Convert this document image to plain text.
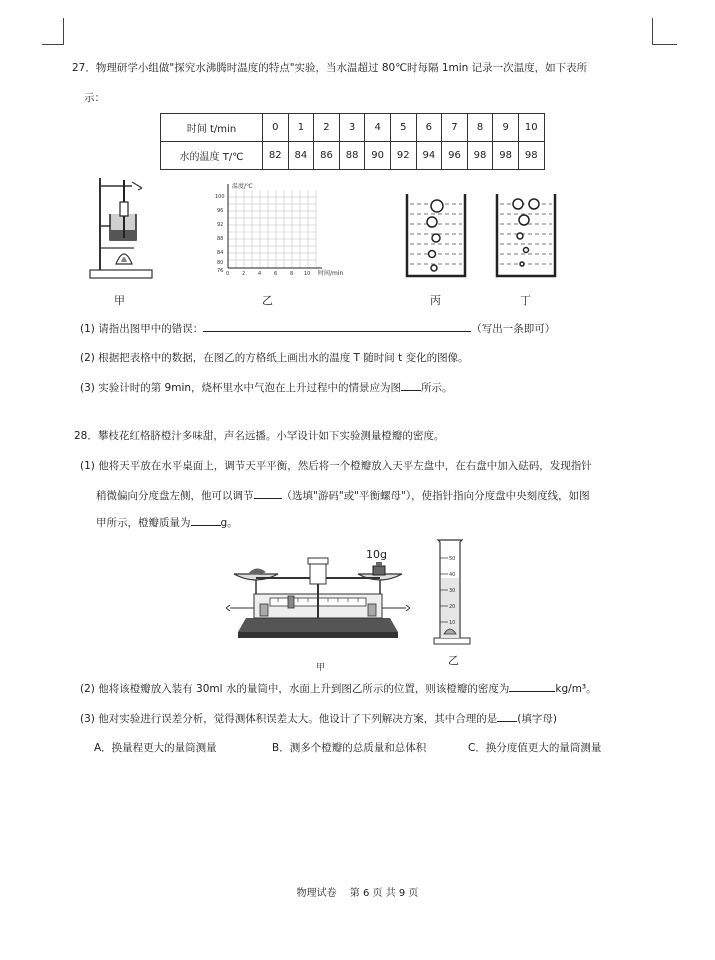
27．物理研学小组做"探究水沸腾时温度的特点"实验，当水温超过 80℃时每隔 1min 记录一次温度，如下表所
示：
时间 t/min	0	1	2	3	4	5	6	7	8	9	10
水的温度 T/℃	82	84	86	88	90	92	94	96	98	98	98
甲
温度/℃
时间/min
100
96
92
88
84
80
76 0	2	4	6	8 10
乙	丙	丁
(1) 请指出图甲中的错误：	（写出一条即可）
(2) 根据把表格中的数据，在图乙的方格纸上画出水的温度 T 随时间 t 变化的图像。
(3) 实验计时的第 9min，烧杯里水中气泡在上升过程中的情景应为图 所示。
28．攀枝花红格脐橙汁多味甜，声名远播。小罕设计如下实验测量橙瓣的密度。
(1) 他将天平放在水平桌面上，调节天平平衡，然后将一个橙瓣放入天平左盘中，在右盘中加入砝码，发现指针
稍微偏向分度盘左侧，他可以调节	（选填"游码"或"平衡螺母"），使指针指向分度盘中央刻度线，如图
甲所示，橙瓣质量为	g。
10g
甲
50
40
30
20
10
乙
(2) 他将该橙瓣放入装有 30ml 水的量筒中，水面上升到图乙所示的位置，则该橙瓣的密度为	kg/m³。
(3) 他对实验进行误差分析，觉得测体积误差太大。他设计了下列解决方案，其中合理的是 (填字母)
A．换量程更大的量筒测量	B．测多个橙瓣的总质量和总体积	C．换分度值更大的量筒测量
物理试卷　 第 6 页 共 9 页
